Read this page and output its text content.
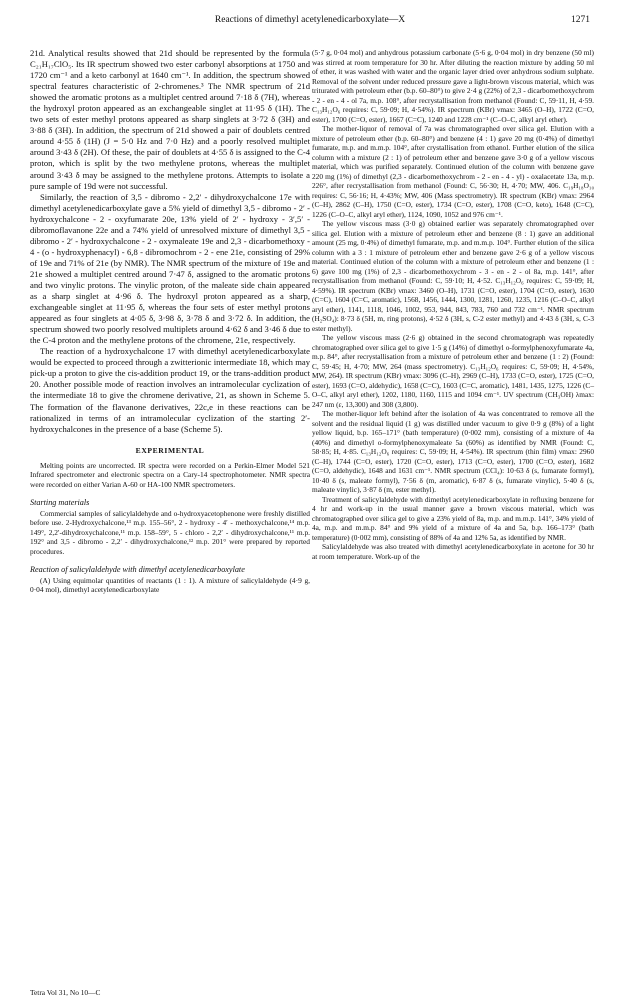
Reactions of dimethyl acetylenedicarboxylate—X	1271

21d. Analytical results showed that 21d should be represented by the formula C₂₁H₁₇ClO₅. Its IR spectrum showed two ester carbonyl absorptions at 1750 and 1720 cm⁻¹ and a keto carbonyl at 1640 cm⁻¹. In addition, the spectrum showed spectral features characteristic of 2-chromenes.³ The NMR spectrum of 21d showed the aromatic protons as a multiplet centred around 7·18 δ (7H), whereas the hydroxyl proton appeared as an exchangeable singlet at 11·95 δ (1H). The two sets of ester methyl protons appeared as sharp singlets at 3·72 δ (3H) and 3·88 δ (3H). In addition, the spectrum of 21d showed a pair of doublets centred around 4·55 δ (1H) (J = 5·0 Hz and 7·0 Hz) and a poorly resolved multiplet around 3·43 δ (2H). Of these, the pair of doublets at 4·55 δ is assigned to the C-4 proton, which is split by the two methylene protons, whereas the multiplet around 3·43 δ may be assigned to the methylene protons. Attempts to isolate a pure sample of 19d were not successful.

Similarly, the reaction of 3,5 - dibromo - 2,2′ - dihydroxychalcone 17e with dimethyl acetylenedicarboxylate gave a 5% yield of dimethyl 3,5 - dibromo - 2′ - hydroxychalcone - 2 - oxyfumarate 20e, 13% yield of 2′ - hydroxy - 3′,5′ - dibromoflavanone 22e and a 74% yield of unresolved mixture of dimethyl 3,5 - dibromo - 2′ - hydroxychalcone - 2 - oxymaleate 19e and 2,3 - dicarbomethoxy - 4 - (o - hydroxyphenacyl) - 6,8 - dibromochrom - 2 - ene 21e, consisting of 29% of 19e and 71% of 21e (by NMR). The NMR spectrum of the mixture of 19e and 21e showed a multiplet centred around 7·47 δ, assigned to the aromatic protons and two vinylic protons. The vinylic proton, of the maleate side chain appeared as a sharp singlet at 4·96 δ. The hydroxyl proton appeared as a sharp, exchangeable singlet at 11·95 δ, whereas the four sets of ester methyl protons appeared as four singlets at 4·05 δ, 3·98 δ, 3·78 δ and 3·72 δ. In addition, the spectrum showed two poorly resolved multiplets around 4·62 δ and 3·46 δ due to the C-4 proton and the methylene protons of the chromene, 21e, respectively.

The reaction of a hydroxychalcone 17 with dimethyl acetylenedicarboxylate would be expected to proceed through a zwitterionic intermediate 18, which may pick-up a proton to give the cis-addition product 19, or the trans-addition product 20. Another possible mode of reaction involves an intramolecular cyclization of the intermediate 18 to give the chromene derivative, 21, as shown in Scheme 5. The formation of the flavanone derivatives, 22c,e in these reactions can be rationalized in terms of an intramolecular cyclization of the starting 2′-hydroxychalcones in the presence of a base (Scheme 5).

EXPERIMENTAL

Melting points are uncorrected. IR spectra were recorded on a Perkin-Elmer Model 521 Infrared spectrometer and electronic spectra on a Cary-14 spectrophotometer. NMR spectra were recorded on either Varian A-60 or HA-100 NMR spectrometers.

Starting materials

Commercial samples of salicylaldehyde and o-hydroxyacetophenone were freshly distilled before use. 2-Hydroxychalcone,¹³ m.p. 155–56°, 2 - hydroxy - 4′ - methoxychalcone,¹⁴ m.p. 149°, 2,2′-dihydroxychalcone,¹¹ m.p. 158–59°, 5 - chloro - 2,2′ - dihydroxychalcone,¹¹ m.p. 192° and 3,5 - dibromo - 2,2′ - dihydroxychalcone,¹² m.p. 201° were prepared by reported procedures.

Reaction of salicylaldehyde with dimethyl acetylenedicarboxylate

(A) Using equimolar quantities of reactants (1 : 1). A mixture of salicylaldehyde (4·9 g, 0·04 mol), dimethyl acetylenedicarboxylate

(5·7 g, 0·04 mol) and anhydrous potassium carbonate (5·6 g, 0·04 mol) in dry benzene (50 ml) was stirred at room temperature for 30 hr. After diluting the reaction mixture by adding 50 ml of ether, it was washed with water and the organic layer dried over anhydrous sodium sulphate. Removal of the solvent under reduced pressure gave a light-brown viscous material, which was triturated with petroleum ether (b.p. 60–80°) to give 2·4 g (22%) of 2,3 - dicarbomethoxychrom - 2 - en - 4 - ol 7a, m.p. 108°, after recrystallisation from methanol (Found: C, 59·11, H, 4·59. C₁₃H₁₂O₆ requires: C, 59·09; H, 4·54%). IR spectrum (KBr) νmax: 3465 (O–H), 1722 (C=O, ester), 1700 (C=O, ester), 1667 (C=C), 1240 and 1228 cm⁻¹ (C–O–C, alkyl aryl ether).

The mother-liquor of removal of 7a was chromatographed over silica gel. Elution with a mixture of petroleum ether (b.p. 60–80°) and benzene (4 : 1) gave 20 mg (0·4%) of dimethyl fumarate, m.p. and m.m.p. 104°, after crystallisation from ethanol. Further elution of the silica column with a mixture (2 : 1) of petroleum ether and benzene gave 3·0 g of a yellow viscous material, which was purified separately. Continued elution of the column with benzene gave 220 mg (1%) of dimethyl (2,3 - dicarbomethoxychrom - 2 - en - 4 - yl) - oxalacetate 13a, m.p. 226°, after recrystallisation from methanol (Found: C, 56·30; H, 4·70; MW, 406. C₁₉H₁₈O₁₀ requires: C, 56·16; H, 4·43%; MW, 406 (Mass spectrometry). IR spectrum (KBr) νmax: 2964 (C–H), 2862 (C–H), 1750 (C=O, ester), 1734 (C=O, ester), 1708 (C=O, keto), 1648 (C=C), 1226 (C–O–C, alkyl aryl ether), 1124, 1090, 1052 and 976 cm⁻¹.

The yellow viscous mass (3·0 g) obtained earlier was separately chromatographed over silica gel. Elution with a mixture of petroleum ether and benzene (8 : 1) gave an additional amount (25 mg, 0·4%) of dimethyl fumarate, m.p. and m.m.p. 104°. Further elution of the silica column with a 3 : 1 mixture of petroleum ether and benzene gave 2·6 g of a yellow viscous material. Continued elution of the column with a mixture of petroleum ether and benzene (1 : 6) gave 100 mg (1%) of 2,3 - dicarbomethoxychrom - 3 - en - 2 - ol 8a, m.p. 141°, after recrystallisation from methanol (Found: C, 59·10; H, 4·52. C₁₃H₁₂O₆ requires: C, 59·09; H, 4·59%). IR spectrum (KBr) νmax: 3460 (O–H), 1731 (C=O, ester), 1704 (C=O, ester), 1630 (C=C), 1604 (C=C, aromatic), 1568, 1456, 1444, 1300, 1281, 1260, 1235, 1216 (C–O–C, alkyl aryl ether), 1141, 1118, 1046, 1002, 953, 944, 843, 783, 760 and 732 cm⁻¹. NMR spectrum (H₂SO₄): 8·73 δ (5H, m, ring protons), 4·52 δ (3H, s, C-2 ester methyl) and 4·43 δ (3H, s, C-3 ester methyl).

The yellow viscous mass (2·6 g) obtained in the second chromatograph was repeatedly chromatographed over silica gel to give 1·5 g (14%) of dimethyl o-formylphenoxyfumarate 4a, m.p. 84°, after recrystallisation from a mixture of petroleum ether and benzene (1 : 2) (Found: C, 59·45; H, 4·70; MW, 264 (mass spectrometry). C₁₃H₁₂O₆ requires: C, 59·09; H, 4·54%, MW, 264). IR spectrum (KBr) νmax: 3096 (C–H), 2969 (C–H), 1733 (C=O, ester), 1725 (C=O, ester), 1693 (C=O, aldehydic), 1658 (C=C), 1603 (C=C, aromatic), 1481, 1435, 1275, 1226 (C–O–C, alkyl aryl ether), 1202, 1180, 1160, 1115 and 1094 cm⁻¹. UV spectrum (CH₃OH) λmax: 247 nm (ε, 13,300) and 308 (3,800).

The mother-liquor left behind after the isolation of 4a was concentrated to remove all the solvent and the residual liquid (1 g) was distilled under vacuum to give 0·9 g (8%) of a light yellow liquid, b.p. 165–171° (bath temperature) (0·002 mm), consisting of a mixture of 4a (40%) and dimethyl o-formylphenoxymaleate 5a (60%) as identified by NMR (Found: C, 58·85; H, 4·85. C₁₃H₁₂O₆ requires: C, 59·09; H, 4·54%). IR spectrum (thin film) νmax: 2960 (C–H), 1744 (C=O, ester), 1720 (C=O, ester), 1713 (C=O, ester), 1700 (C=O, ester), 1682 (C=O, aldehydic), 1648 and 1631 cm⁻¹. NMR spectrum (CCl₄): 10·63 δ (s, fumarate formyl), 10·40 δ (s, maleate formyl), 7·56 δ (m, aromatic), 6·87 δ (s, fumarate vinylic), 5·40 δ (s, maleate vinylic), 3·87 δ (m, ester methyl).

Treatment of salicylaldehyde with dimethyl acetylenedicarboxylate in refluxing benzene for 4 hr and work-up in the usual manner gave a brown viscous material, which was chromatographed over silica gel to give a 23% yield of 8a, m.p. and m.m.p. 141°, 34% yield of 4a, m.p. and m.m.p. 84° and 9% yield of a mixture of 4a and 5a, b.p. 166–173° (bath temperature) (0·002 mm), consisting of 88% of 4a and 12% 5a, as identified by NMR.

Salicylaldehyde was also treated with dimethyl acetylenedicarboxylate in acetone for 30 hr at room temperature. Work-up of the

Tetra Vol 31, No 10—C
